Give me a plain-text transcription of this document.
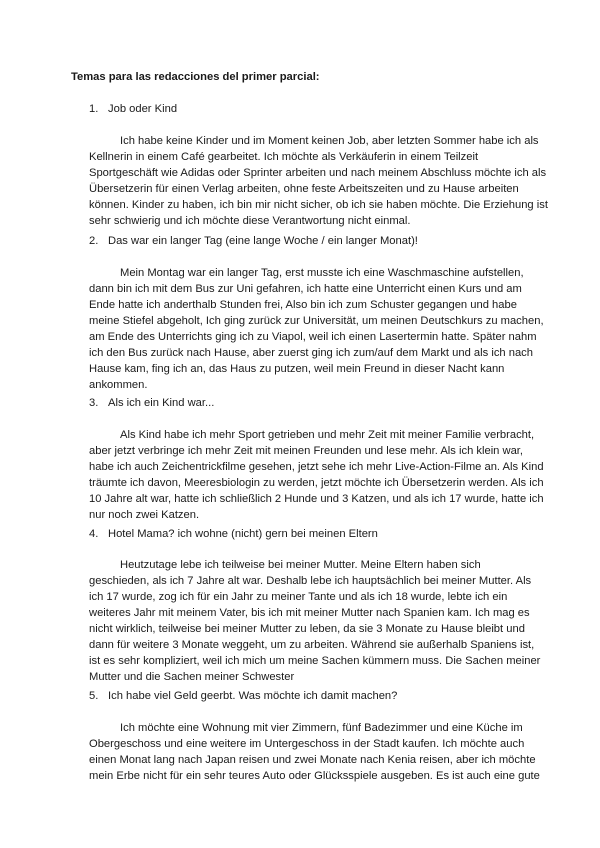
Temas para las redacciones del primer parcial:
1. Job oder Kind
Ich habe keine Kinder und im Moment keinen Job, aber letzten Sommer habe ich als
Kellnerin in einem Café gearbeitet. Ich möchte als Verkäuferin in einem Teilzeit
Sportgeschäft wie Adidas oder Sprinter arbeiten und nach meinem Abschluss möchte ich als
Übersetzerin für einen Verlag arbeiten, ohne feste Arbeitszeiten und zu Hause arbeiten
können. Kinder zu haben, ich bin mir nicht sicher, ob ich sie haben möchte. Die Erziehung ist
sehr schwierig und ich möchte diese Verantwortung nicht einmal.
2. Das war ein langer Tag (eine lange Woche / ein langer Monat)!
Mein Montag war ein langer Tag, erst musste ich eine Waschmaschine aufstellen,
dann bin ich mit dem Bus zur Uni gefahren, ich hatte eine Unterricht einen Kurs und am
Ende hatte ich anderthalb Stunden frei, Also bin ich zum Schuster gegangen und habe
meine Stiefel abgeholt, Ich ging zurück zur Universität, um meinen Deutschkurs zu machen,
am Ende des Unterrichts ging ich zu Viapol, weil ich einen Lasertermin hatte. Später nahm
ich den Bus zurück nach Hause, aber zuerst ging ich zum/auf dem Markt und als ich nach
Hause kam, fing ich an, das Haus zu putzen, weil mein Freund in dieser Nacht kann
ankommen.
3. Als ich ein Kind war...
Als Kind habe ich mehr Sport getrieben und mehr Zeit mit meiner Familie verbracht,
aber jetzt verbringe ich mehr Zeit mit meinen Freunden und lese mehr. Als ich klein war,
habe ich auch Zeichentrickfilme gesehen, jetzt sehe ich mehr Live-Action-Filme an. Als Kind
träumte ich davon, Meeresbiologin zu werden, jetzt möchte ich Übersetzerin werden. Als ich
10 Jahre alt war, hatte ich schließlich 2 Hunde und 3 Katzen, und als ich 17 wurde, hatte ich
nur noch zwei Katzen.
4. Hotel Mama? ich wohne (nicht) gern bei meinen Eltern
Heutzutage lebe ich teilweise bei meiner Mutter. Meine Eltern haben sich
geschieden, als ich 7 Jahre alt war. Deshalb lebe ich hauptsächlich bei meiner Mutter. Als
ich 17 wurde, zog ich für ein Jahr zu meiner Tante und als ich 18 wurde, lebte ich ein
weiteres Jahr mit meinem Vater, bis ich mit meiner Mutter nach Spanien kam. Ich mag es
nicht wirklich, teilweise bei meiner Mutter zu leben, da sie 3 Monate zu Hause bleibt und
dann für weitere 3 Monate weggeht, um zu arbeiten. Während sie außerhalb Spaniens ist,
ist es sehr kompliziert, weil ich mich um meine Sachen kümmern muss. Die Sachen meiner
Mutter und die Sachen meiner Schwester
5. Ich habe viel Geld geerbt. Was möchte ich damit machen?
Ich möchte eine Wohnung mit vier Zimmern, fünf Badezimmer und eine Küche im
Obergeschoss und eine weitere im Untergeschoss in der Stadt kaufen. Ich möchte auch
einen Monat lang nach Japan reisen und zwei Monate nach Kenia reisen, aber ich möchte
mein Erbe nicht für ein sehr teures Auto oder Glücksspiele ausgeben. Es ist auch eine gute
